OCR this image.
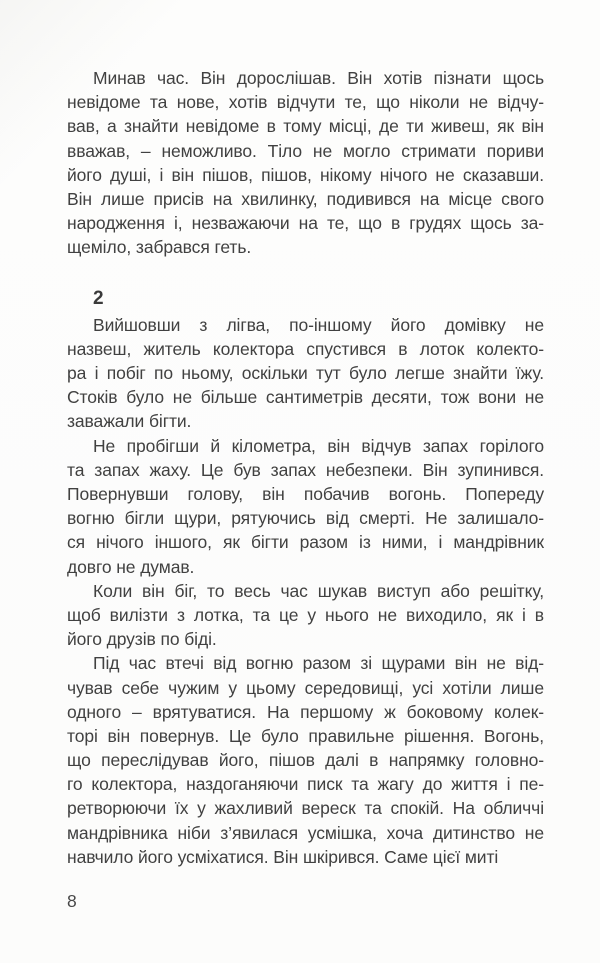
Минав час. Він дорослішав. Він хотів пізнати щось
невідоме та нове, хотів відчути те, що ніколи не відчу-
вав, а знайти невідоме в тому місці, де ти живеш, як він
вважав, – неможливо. Тіло не могло стримати пориви
його душі, і він пішов, пішов, нікому нічого не сказавши.
Він лише присів на хвилинку, подивився на місце свого
народження і, незважаючи на те, що в грудях щось за-
щеміло, забрався геть.
2
Вийшовши з лігва, по-іншому його домівку не
назвеш, житель колектора спустився в лоток колекто-
ра і побіг по ньому, оскільки тут було легше знайти їжу.
Стоків було не більше сантиметрів десяти, тож вони не
заважали бігти.
Не пробігши й кілометра, він відчув запах горілого
та запах жаху. Це був запах небезпеки. Він зупинився.
Повернувши голову, він побачив вогонь. Попереду
вогню бігли щури, рятуючись від смерті. Не залишало-
ся нічого іншого, як бігти разом із ними, і мандрівник
довго не думав.
Коли він біг, то весь час шукав виступ або решітку,
щоб вилізти з лотка, та це у нього не виходило, як і в
його друзів по біді.
Під час втечі від вогню разом зі щурами він не від-
чував себе чужим у цьому середовищі, усі хотіли лише
одного – врятуватися. На першому ж боковому колек-
торі він повернув. Це було правильне рішення. Вогонь,
що переслідував його, пішов далі в напрямку головно-
го колектора, наздоганяючи писк та жагу до життя і пе-
ретворюючи їх у жахливий вереск та спокій. На обличчі
мандрівника ніби з’явилася усмішка, хоча дитинство не
навчило його усміхатися. Він шкірився. Саме цієї миті
8
